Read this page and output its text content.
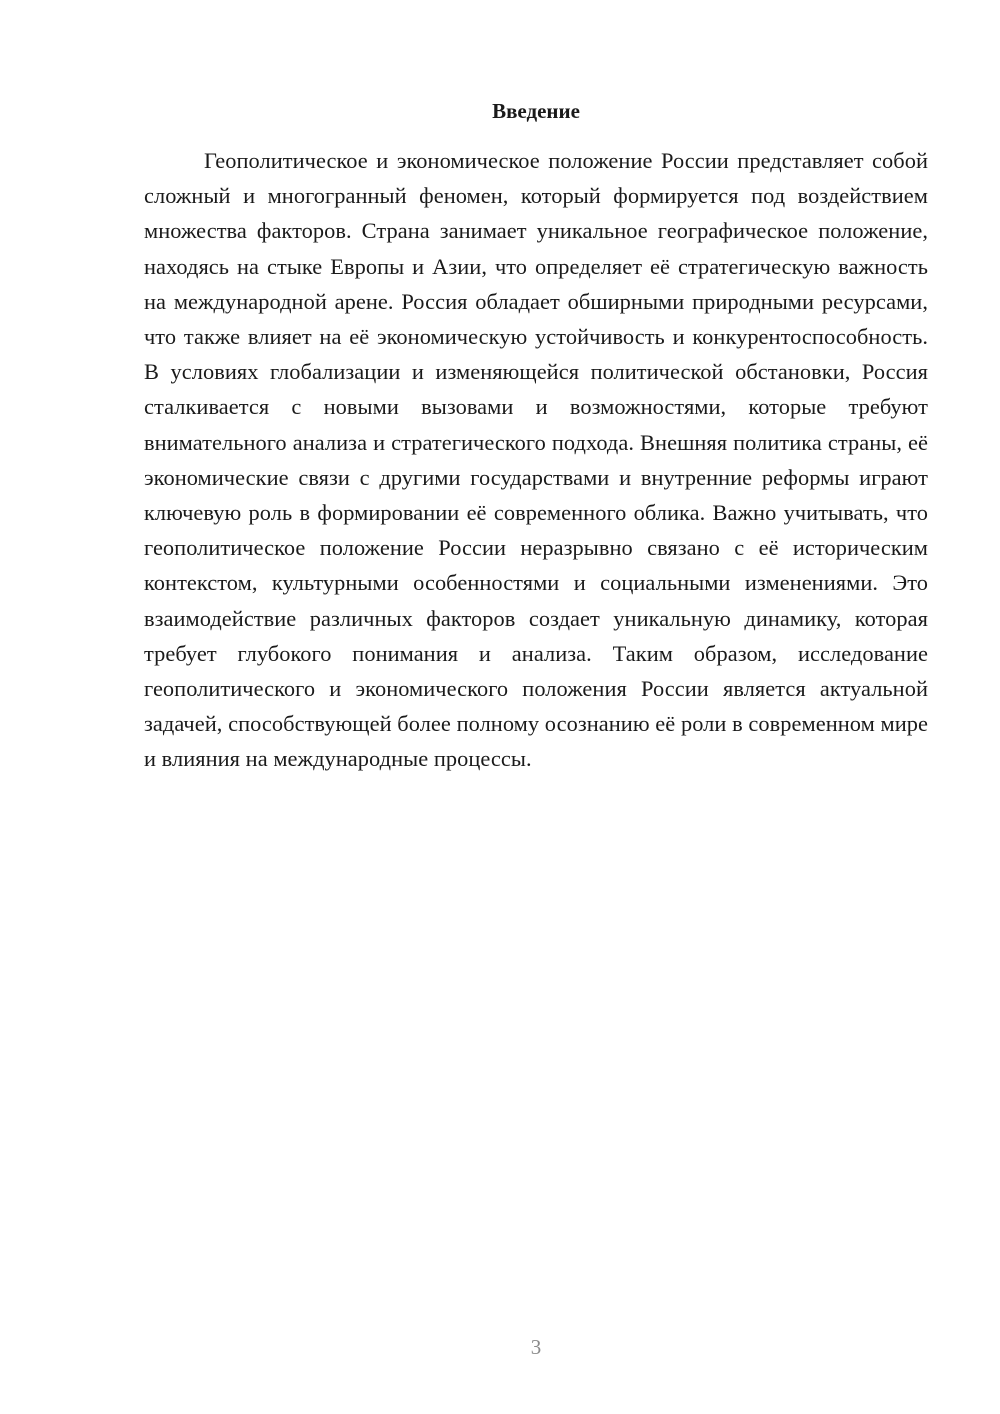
Введение

Геополитическое и экономическое положение России представляет собой сложный и многогранный феномен, который формируется под воздействием множества факторов. Страна занимает уникальное географическое положение, находясь на стыке Европы и Азии, что определяет её стратегическую важность на международной арене. Россия обладает обширными природными ресурсами, что также влияет на её экономическую устойчивость и конкурентоспособность. В условиях глобализации и изменяющейся политической обстановки, Россия сталкивается с новыми вызовами и возможностями, которые требуют внимательного анализа и стратегического подхода. Внешняя политика страны, её экономические связи с другими государствами и внутренние реформы играют ключевую роль в формировании её современного облика. Важно учитывать, что геополитическое положение России неразрывно связано с её историческим контекстом, культурными особенностями и социальными изменениями. Это взаимодействие различных факторов создает уникальную динамику, которая требует глубокого понимания и анализа. Таким образом, исследование геополитического и экономического положения России является актуальной задачей, способствующей более полному осознанию её роли в современном мире и влияния на международные процессы.

3
